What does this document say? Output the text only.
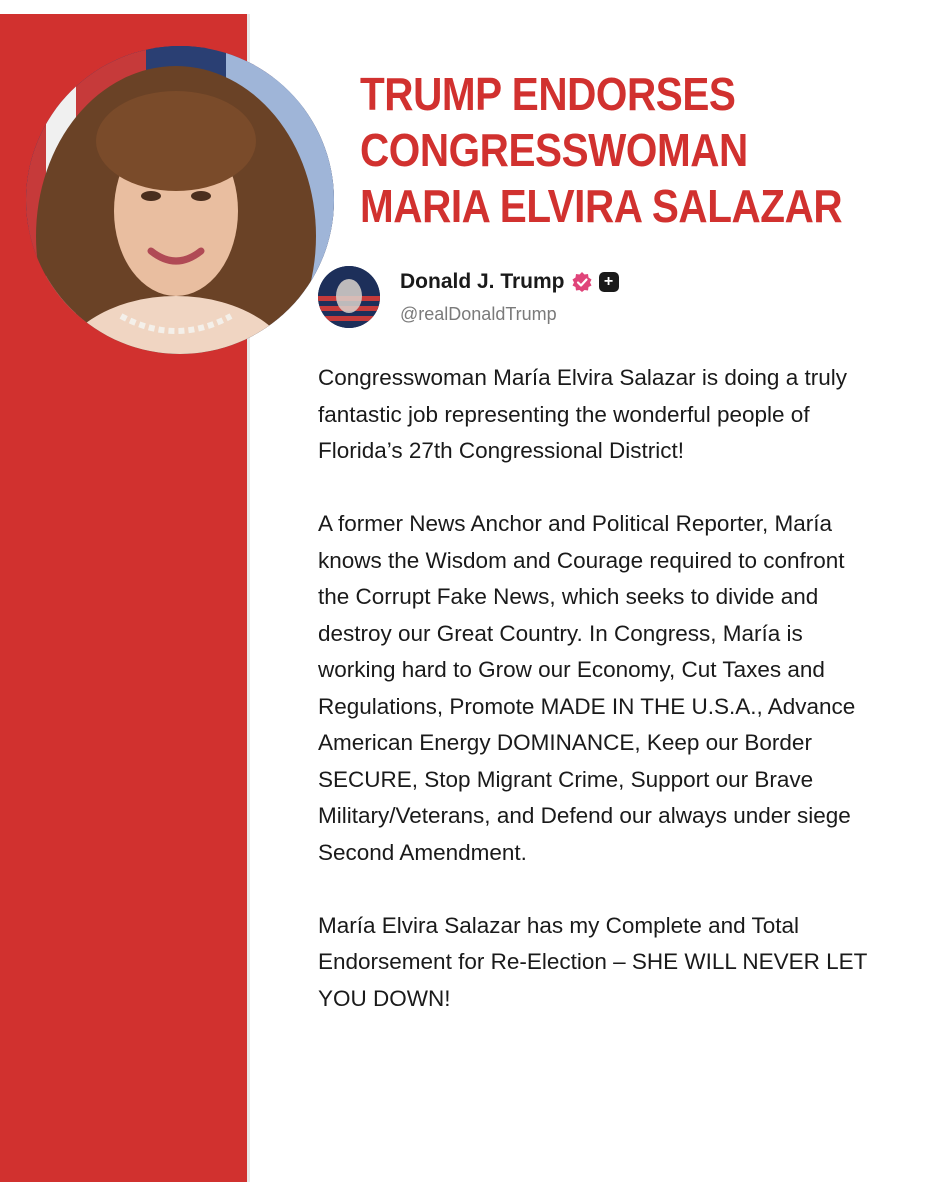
TRUMP ENDORSES
CONGRESSWOMAN
MARIA ELVIRA SALAZAR
Donald J. Trump	+
@realDonaldTrump

Congresswoman María Elvira Salazar is doing a truly fantastic job representing the wonderful people of Florida’s 27th Congressional District!

A former News Anchor and Political Reporter, María knows the Wisdom and Courage required to confront the Corrupt Fake News, which seeks to divide and destroy our Great Country. In Congress, María is working hard to Grow our Economy, Cut Taxes and Regulations, Promote MADE IN THE U.S.A., Advance American Energy DOMINANCE, Keep our Border SECURE, Stop Migrant Crime, Support our Brave Military/Veterans, and Defend our always under siege Second Amendment.

María Elvira Salazar has my Complete and Total Endorsement for Re-Election – SHE WILL NEVER LET YOU DOWN!
